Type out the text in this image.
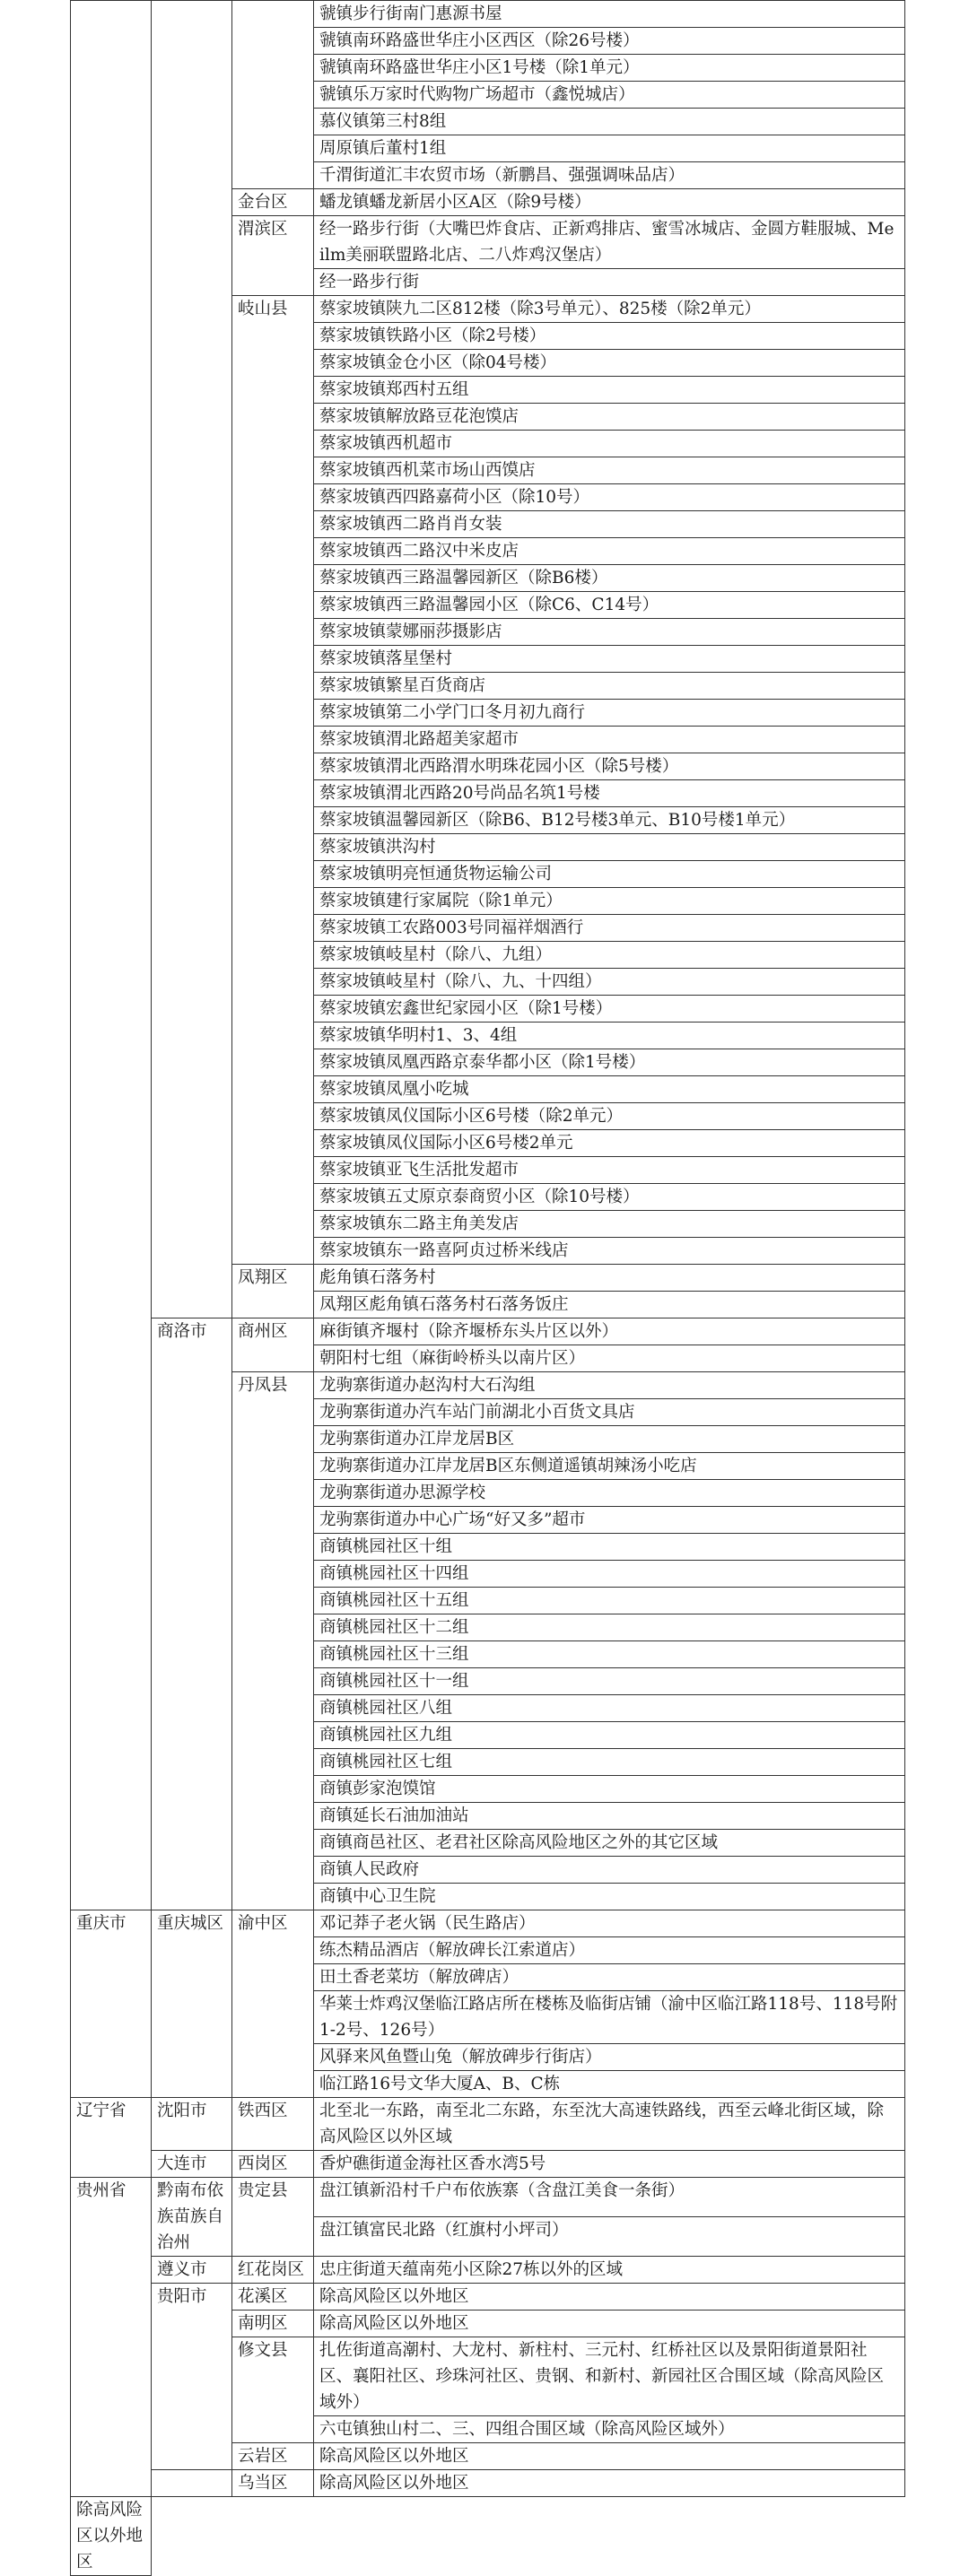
			虢镇步行街南门惠源书屋
			虢镇南环路盛世华庄小区西区（除26号楼）
			虢镇南环路盛世华庄小区1号楼（除1单元）
			虢镇乐万家时代购物广场超市（鑫悦城店）
			慕仪镇第三村8组
			周原镇后董村1组
			千渭街道汇丰农贸市场（新鹏昌、强强调味品店）
		金台区	蟠龙镇蟠龙新居小区A区（除9号楼）
		渭滨区	经一路步行街（大嘴巴炸食店、正新鸡排店、蜜雪冰城店、金圆方鞋服城、Meilm美丽联盟路北店、二八炸鸡汉堡店）
			经一路步行街
		岐山县	蔡家坡镇陕九二区812楼（除3号单元）、825楼（除2单元）
			蔡家坡镇铁路小区（除2号楼）
			蔡家坡镇金仓小区（除04号楼）
			蔡家坡镇郑西村五组
			蔡家坡镇解放路豆花泡馍店
			蔡家坡镇西机超市
			蔡家坡镇西机菜市场山西馍店
			蔡家坡镇西四路嘉荷小区（除10号）
			蔡家坡镇西二路肖肖女装
			蔡家坡镇西二路汉中米皮店
			蔡家坡镇西三路温馨园新区（除B6楼）
			蔡家坡镇西三路温馨园小区（除C6、C14号）
			蔡家坡镇蒙娜丽莎摄影店
			蔡家坡镇落星堡村
			蔡家坡镇繁星百货商店
			蔡家坡镇第二小学门口冬月初九商行
			蔡家坡镇渭北路超美家超市
			蔡家坡镇渭北西路渭水明珠花园小区（除5号楼）
			蔡家坡镇渭北西路20号尚品名筑1号楼
			蔡家坡镇温馨园新区（除B6、B12号楼3单元、B10号楼1单元）
			蔡家坡镇洪沟村
			蔡家坡镇明亮恒通货物运输公司
			蔡家坡镇建行家属院（除1单元）
			蔡家坡镇工农路003号同福祥烟酒行
			蔡家坡镇岐星村（除八、九组）
			蔡家坡镇岐星村（除八、九、十四组）
			蔡家坡镇宏鑫世纪家园小区（除1号楼）
			蔡家坡镇华明村1、3、4组
			蔡家坡镇凤凰西路京泰华都小区（除1号楼）
			蔡家坡镇凤凰小吃城
			蔡家坡镇凤仪国际小区6号楼（除2单元）
			蔡家坡镇凤仪国际小区6号楼2单元
			蔡家坡镇亚飞生活批发超市
			蔡家坡镇五丈原京泰商贸小区（除10号楼）
			蔡家坡镇东二路主角美发店
			蔡家坡镇东一路喜阿贞过桥米线店
		凤翔区	彪角镇石落务村
			凤翔区彪角镇石落务村石落务饭庄
	商洛市	商州区	麻街镇齐堰村（除齐堰桥东头片区以外）
			朝阳村七组（麻街岭桥头以南片区）
		丹凤县	龙驹寨街道办赵沟村大石沟组
			龙驹寨街道办汽车站门前湖北小百货文具店
			龙驹寨街道办江岸龙居B区
			龙驹寨街道办江岸龙居B区东侧道遥镇胡辣汤小吃店
			龙驹寨街道办思源学校
			龙驹寨街道办中心广场“好又多”超市
			商镇桃园社区十组
			商镇桃园社区十四组
			商镇桃园社区十五组
			商镇桃园社区十二组
			商镇桃园社区十三组
			商镇桃园社区十一组
			商镇桃园社区八组
			商镇桃园社区九组
			商镇桃园社区七组
			商镇彭家泡馍馆
			商镇延长石油加油站
			商镇商邑社区、老君社区除高风险地区之外的其它区域
			商镇人民政府
			商镇中心卫生院
重庆市	重庆城区	渝中区	邓记莽子老火锅（民生路店）
			练杰精品酒店（解放碑长江索道店）
			田土香老菜坊（解放碑店）
			华莱士炸鸡汉堡临江路店所在楼栋及临街店铺（渝中区临江路118号、118号附1-2号、126号）
			风驿来风鱼暨山兔（解放碑步行街店）
			临江路16号文华大厦A、B、C栋
辽宁省	沈阳市	铁西区	北至北一东路，南至北二东路，东至沈大高速铁路线，西至云峰北街区域，除高风险区以外区域
	大连市	西岗区	香炉礁街道金海社区香水湾5号
贵州省	黔南布依族苗族自治州	贵定县	盘江镇新沿村千户布依族寨（含盘江美食一条街）
			盘江镇富民北路（红旗村小坪司）
	遵义市	红花岗区	忠庄街道天蕴南苑小区除27栋以外的区域
	贵阳市	花溪区	除高风险区以外地区
		南明区	除高风险区以外地区
		修文县	扎佐街道高潮村、大龙村、新柱村、三元村、红桥社区以及景阳街道景阳社区、襄阳社区、珍珠河社区、贵钢、和新村、新园社区合围区域（除高风险区域外）
			六屯镇独山村二、三、四组合围区域（除高风险区域外）
		云岩区	除高风险区以外地区
		乌当区	除高风险区以外地区
除高风险区以外地区			
